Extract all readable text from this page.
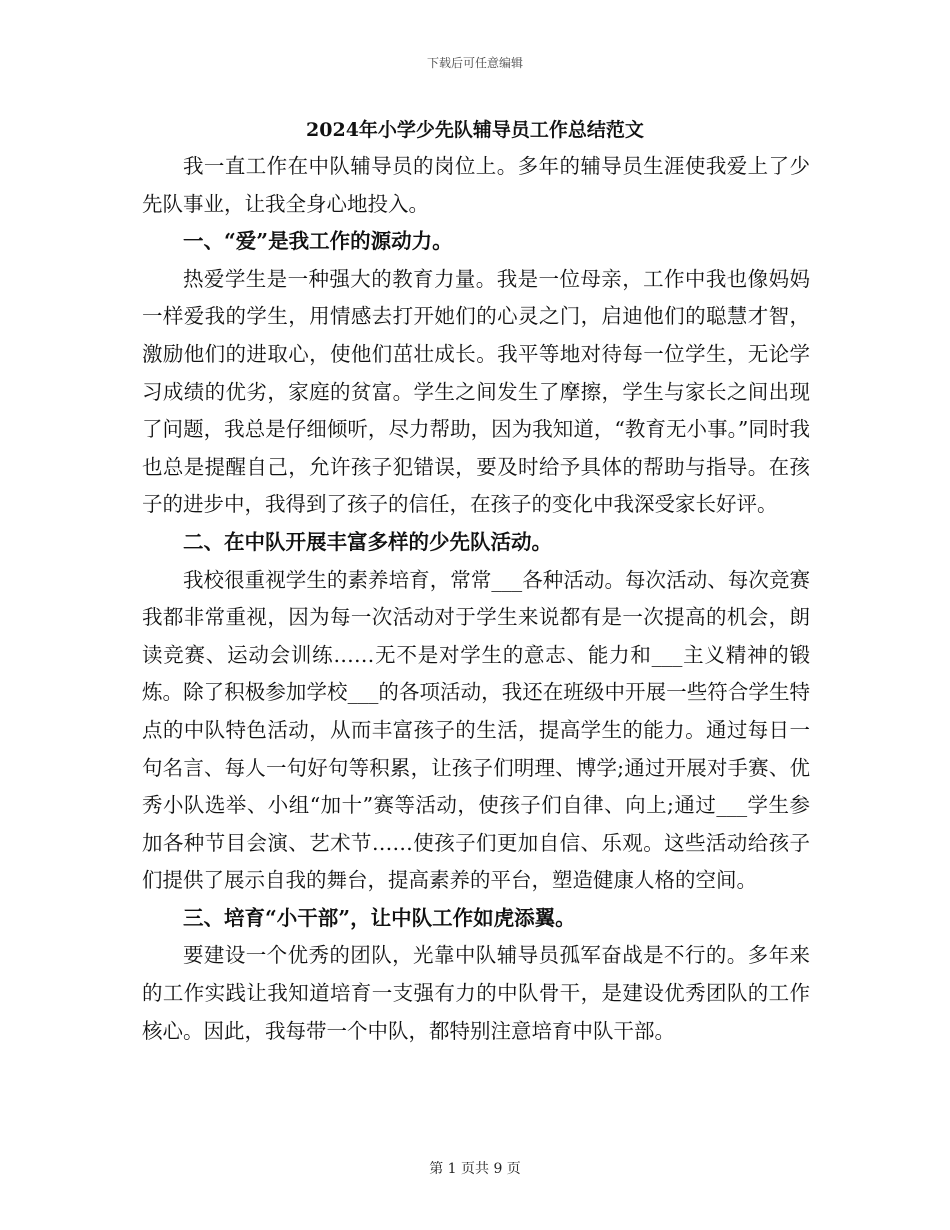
下载后可任意编辑
2024年小学少先队辅导员工作总结范文

我一直工作在中队辅导员的岗位上。多年的辅导员生涯使我爱上了少先队事业，让我全身心地投入。

一、“爱”是我工作的源动力。

热爱学生是一种强大的教育力量。我是一位母亲，工作中我也像妈妈一样爱我的学生，用情感去打开她们的心灵之门，启迪他们的聪慧才智，激励他们的进取心，使他们茁壮成长。我平等地对待每一位学生，无论学习成绩的优劣，家庭的贫富。学生之间发生了摩擦，学生与家长之间出现了问题，我总是仔细倾听，尽力帮助，因为我知道，“教育无小事。”同时我也总是提醒自己，允许孩子犯错误，要及时给予具体的帮助与指导。在孩子的进步中，我得到了孩子的信任，在孩子的变化中我深受家长好评。

二、在中队开展丰富多样的少先队活动。

我校很重视学生的素养培育，常常___各种活动。每次活动、每次竞赛我都非常重视，因为每一次活动对于学生来说都有是一次提高的机会，朗读竞赛、运动会训练……无不是对学生的意志、能力和___主义精神的锻炼。除了积极参加学校___的各项活动，我还在班级中开展一些符合学生特点的中队特色活动，从而丰富孩子的生活，提高学生的能力。通过每日一句名言、每人一句好句等积累，让孩子们明理、博学;通过开展对手赛、优秀小队选举、小组“加十”赛等活动，使孩子们自律、向上;通过___学生参加各种节目会演、艺术节……使孩子们更加自信、乐观。这些活动给孩子们提供了展示自我的舞台，提高素养的平台，塑造健康人格的空间。

三、培育“小干部”，让中队工作如虎添翼。

要建设一个优秀的团队，光靠中队辅导员孤军奋战是不行的。多年来的工作实践让我知道培育一支强有力的中队骨干，是建设优秀团队的工作核心。因此，我每带一个中队，都特别注意培育中队干部。

第 1 页共 9 页
